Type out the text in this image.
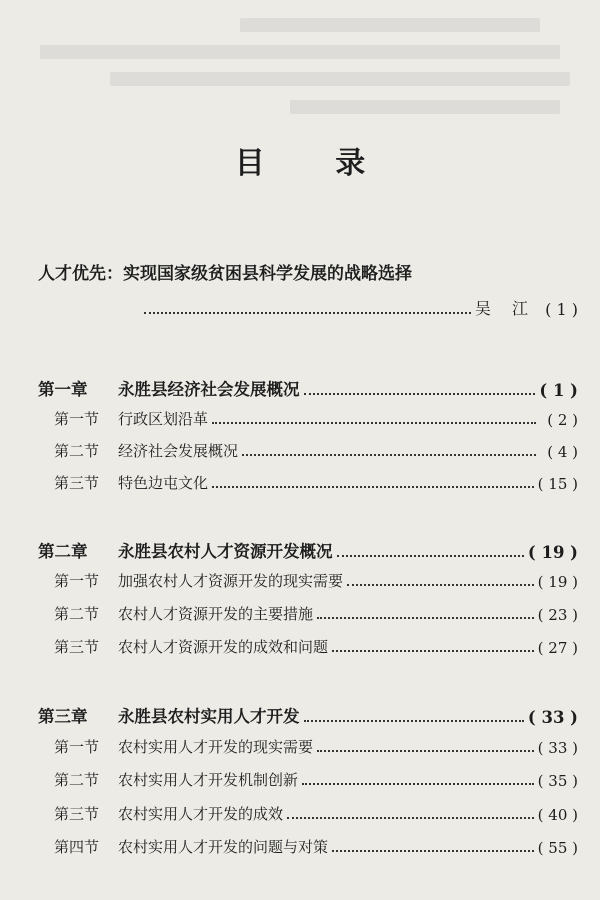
目 录
人才优先：实现国家级贫困县科学发展的战略选择
吴 江 ( 1 )
第一章 永胜县经济社会发展概况	( 1 )
第一节 行政区划沿革	( 2 )
第二节 经济社会发展概况	( 4 )
第三节 特色边屯文化	( 15 )
第二章 永胜县农村人才资源开发概况	( 19 )
第一节 加强农村人才资源开发的现实需要	( 19 )
第二节 农村人才资源开发的主要措施	( 23 )
第三节 农村人才资源开发的成效和问题	( 27 )
第三章 永胜县农村实用人才开发	( 33 )
第一节 农村实用人才开发的现实需要	( 33 )
第二节 农村实用人才开发机制创新	( 35 )
第三节 农村实用人才开发的成效	( 40 )
第四节 农村实用人才开发的问题与对策	( 55 )
